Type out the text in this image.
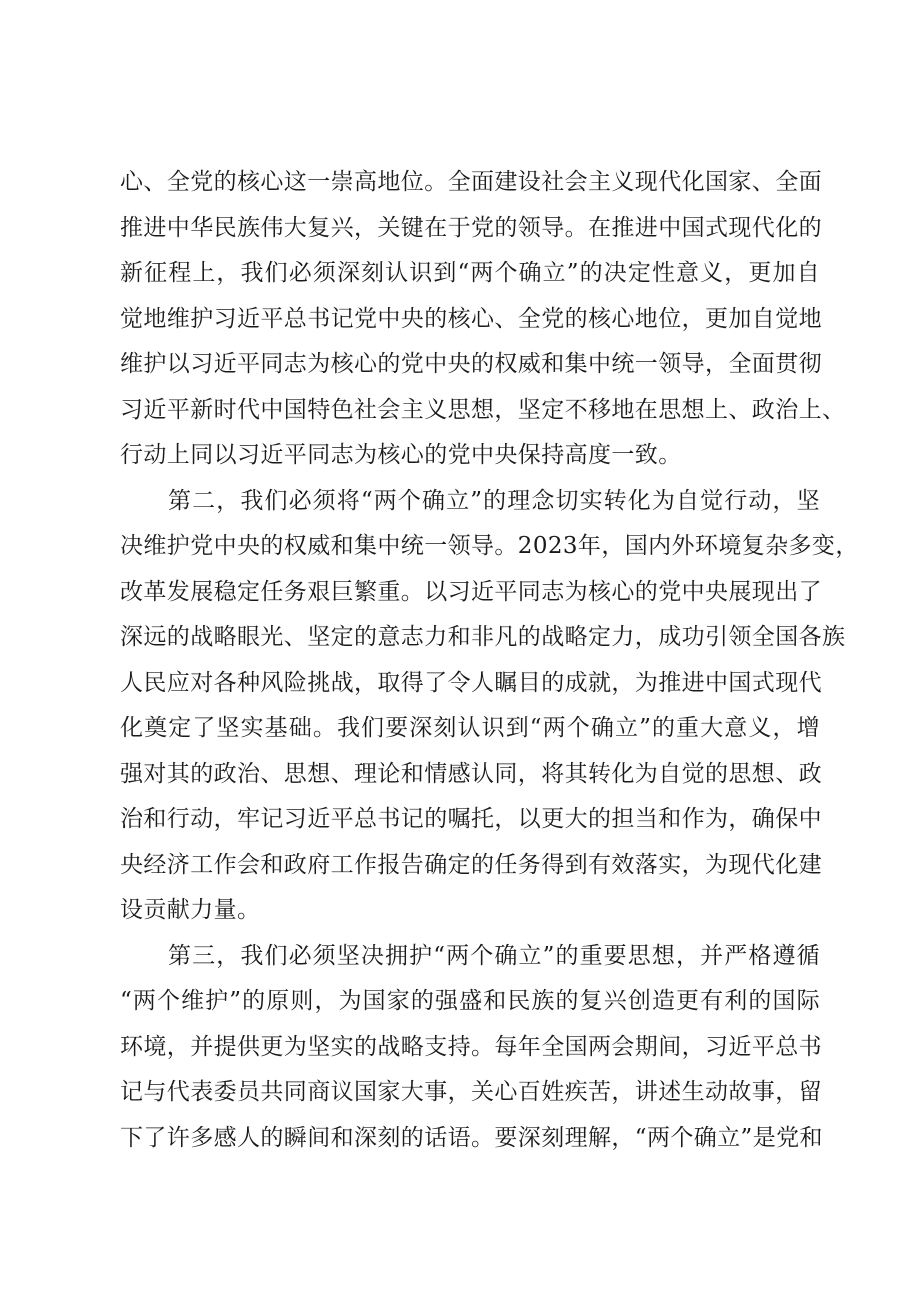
心、全党的核心这一崇高地位。全面建设社会主义现代化国家、全面
推进中华民族伟大复兴，关键在于党的领导。在推进中国式现代化的
新征程上，我们必须深刻认识到“两个确立”的决定性意义，更加自
觉地维护习近平总书记党中央的核心、全党的核心地位，更加自觉地
维护以习近平同志为核心的党中央的权威和集中统一领导，全面贯彻
习近平新时代中国特色社会主义思想，坚定不移地在思想上、政治上、
行动上同以习近平同志为核心的党中央保持高度一致。
第二，我们必须将“两个确立”的理念切实转化为自觉行动，坚
决维护党中央的权威和集中统一领导。2023年，国内外环境复杂多变，
改革发展稳定任务艰巨繁重。以习近平同志为核心的党中央展现出了
深远的战略眼光、坚定的意志力和非凡的战略定力，成功引领全国各族
人民应对各种风险挑战，取得了令人瞩目的成就，为推进中国式现代
化奠定了坚实基础。我们要深刻认识到“两个确立”的重大意义，增
强对其的政治、思想、理论和情感认同，将其转化为自觉的思想、政
治和行动，牢记习近平总书记的嘱托，以更大的担当和作为，确保中
央经济工作会和政府工作报告确定的任务得到有效落实，为现代化建
设贡献力量。
第三，我们必须坚决拥护“两个确立”的重要思想，并严格遵循
“两个维护”的原则，为国家的强盛和民族的复兴创造更有利的国际
环境，并提供更为坚实的战略支持。每年全国两会期间，习近平总书
记与代表委员共同商议国家大事，关心百姓疾苦，讲述生动故事，留
下了许多感人的瞬间和深刻的话语。要深刻理解，“两个确立”是党和
